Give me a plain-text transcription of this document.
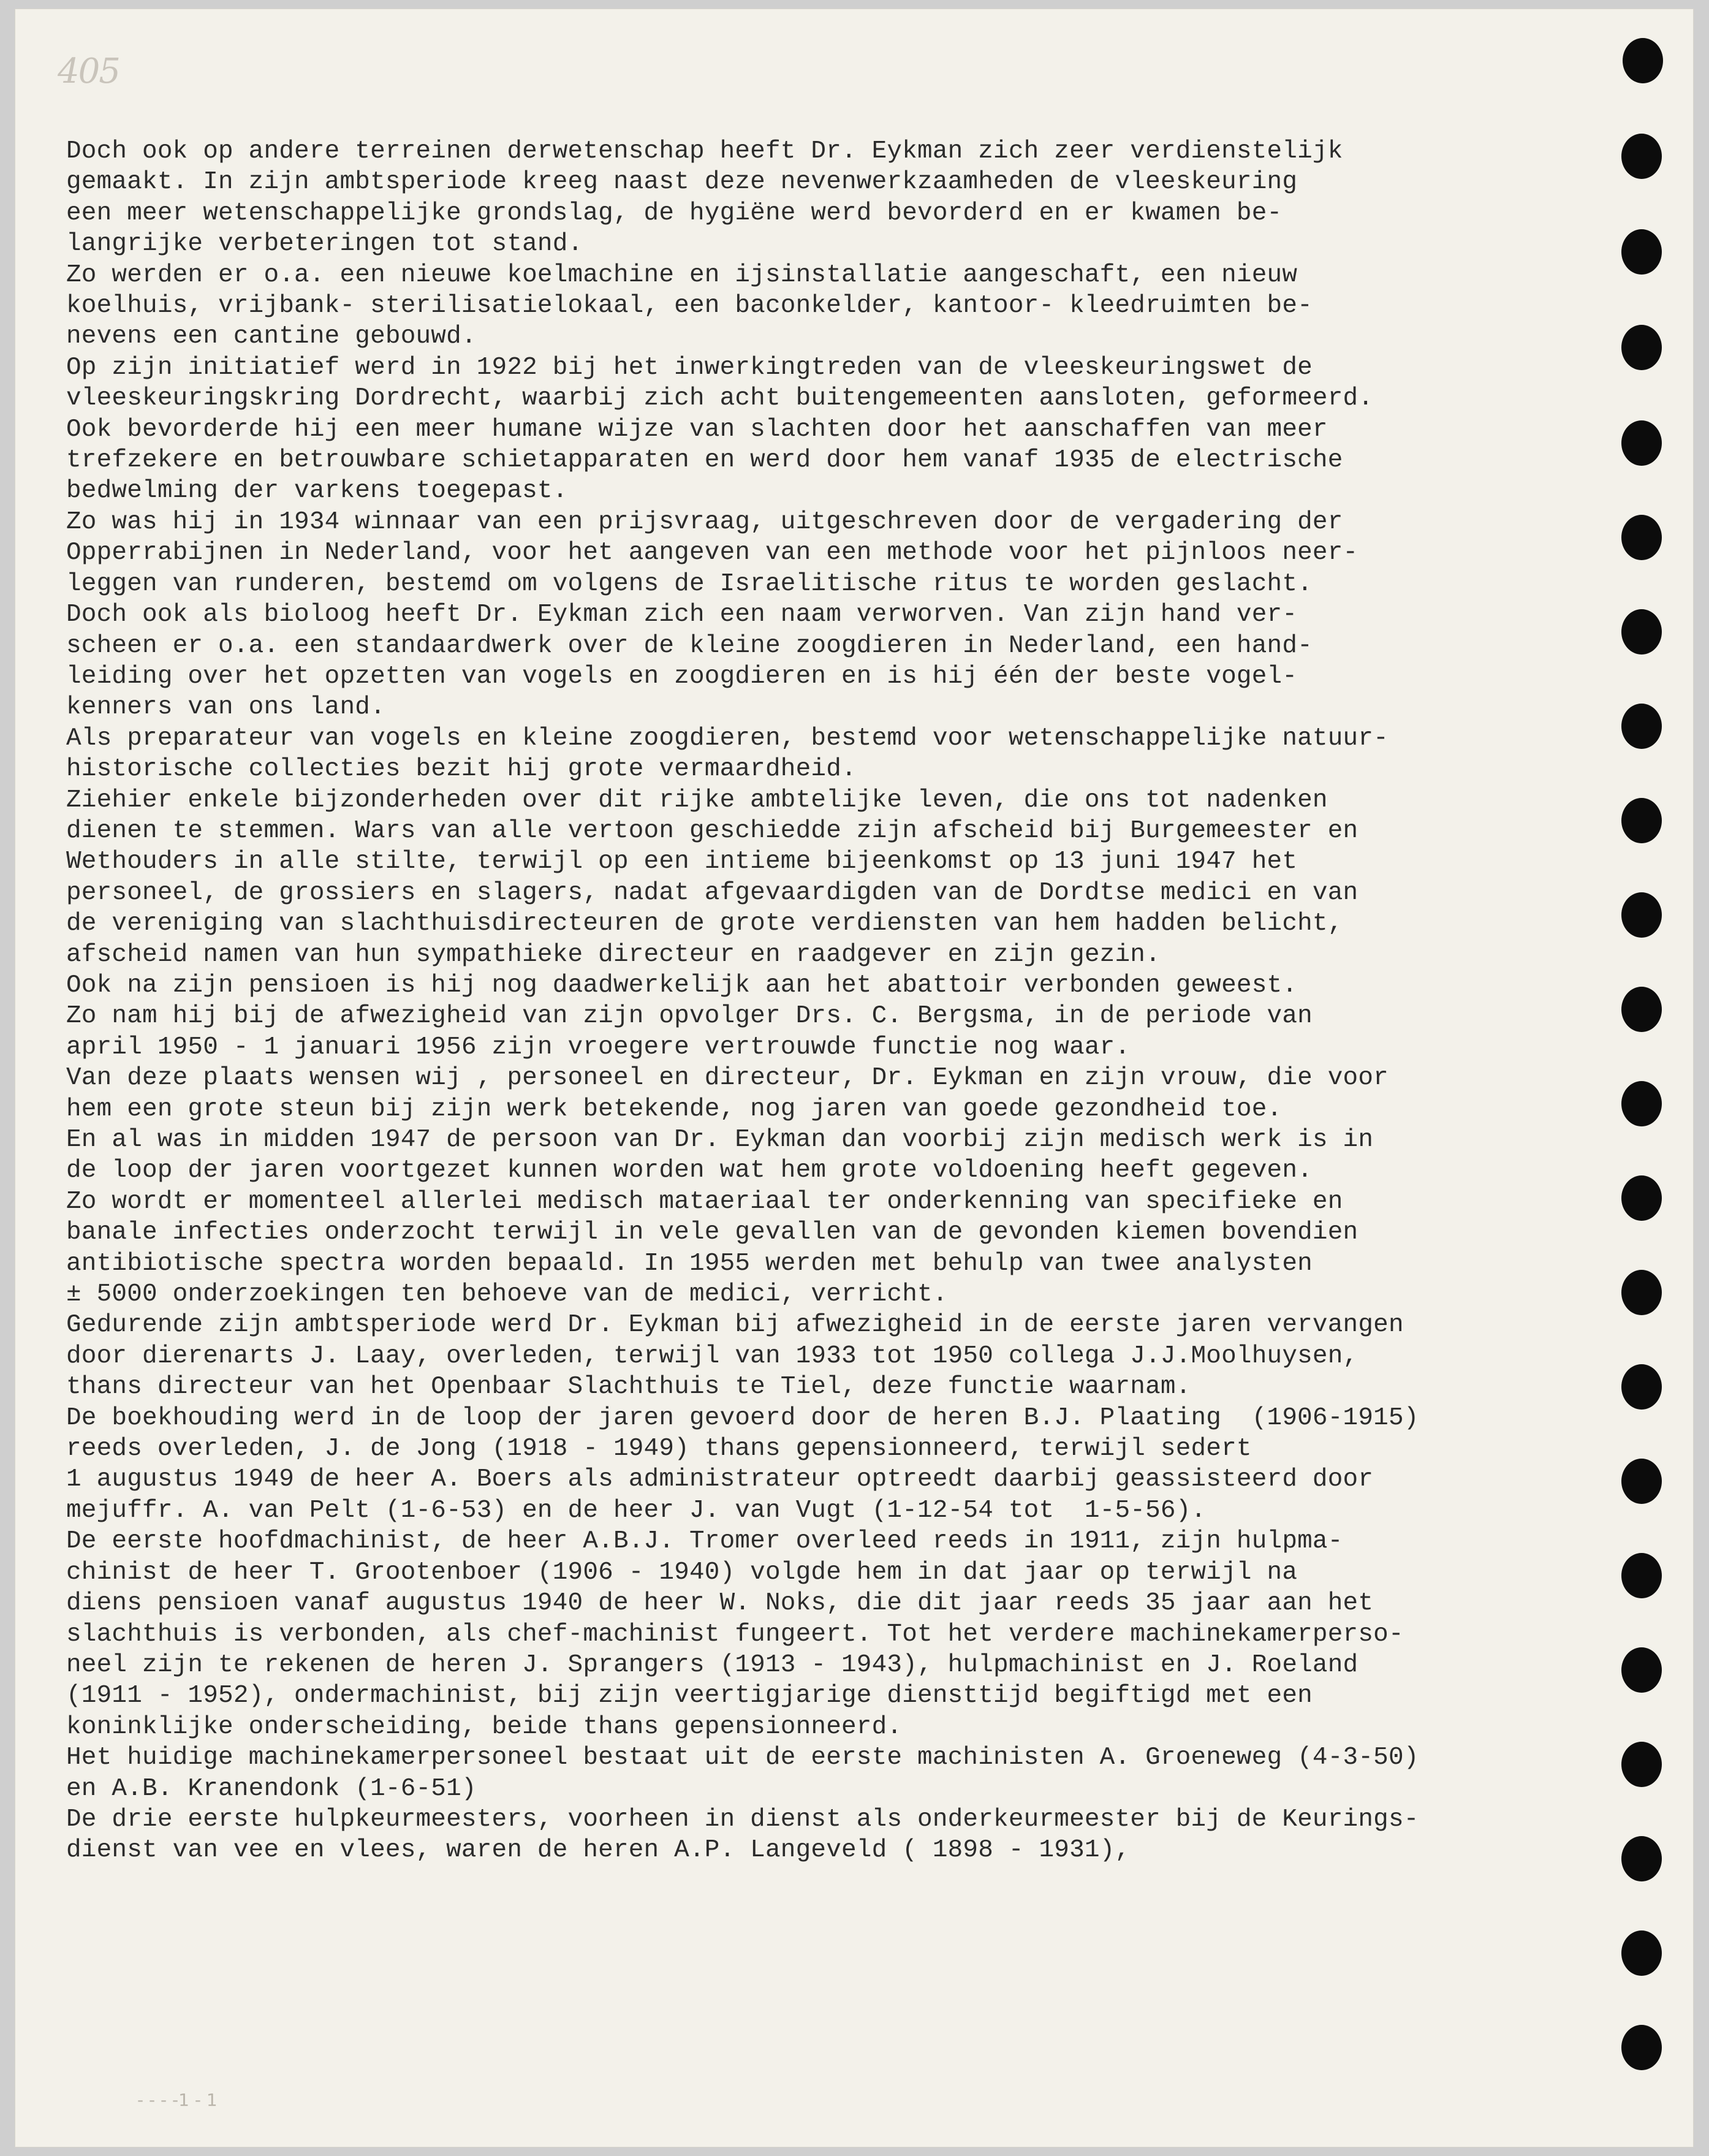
405
Doch ook op andere terreinen derwetenschap heeft Dr. Eykman zich zeer verdienstelijk
gemaakt. In zijn ambtsperiode kreeg naast deze nevenwerkzaamheden de vleeskeuring
een meer wetenschappelijke grondslag, de hygiëne werd bevorderd en er kwamen be-
langrijke verbeteringen tot stand.
Zo werden er o.a. een nieuwe koelmachine en ijsinstallatie aangeschaft, een nieuw
koelhuis, vrijbank- sterilisatielokaal, een baconkelder, kantoor- kleedruimten be-
nevens een cantine gebouwd.
Op zijn initiatief werd in 1922 bij het inwerkingtreden van de vleeskeuringswet de
vleeskeuringskring Dordrecht, waarbij zich acht buitengemeenten aansloten, geformeerd.
Ook bevorderde hij een meer humane wijze van slachten door het aanschaffen van meer
trefzekere en betrouwbare schietapparaten en werd door hem vanaf 1935 de electrische
bedwelming der varkens toegepast.
Zo was hij in 1934 winnaar van een prijsvraag, uitgeschreven door de vergadering der
Opperrabijnen in Nederland, voor het aangeven van een methode voor het pijnloos neer-
leggen van runderen, bestemd om volgens de Israelitische ritus te worden geslacht.
Doch ook als bioloog heeft Dr. Eykman zich een naam verworven. Van zijn hand ver-
scheen er o.a. een standaardwerk over de kleine zoogdieren in Nederland, een hand-
leiding over het opzetten van vogels en zoogdieren en is hij één der beste vogel-
kenners van ons land.
Als preparateur van vogels en kleine zoogdieren, bestemd voor wetenschappelijke natuur-
historische collecties bezit hij grote vermaardheid.
Ziehier enkele bijzonderheden over dit rijke ambtelijke leven, die ons tot nadenken
dienen te stemmen. Wars van alle vertoon geschiedde zijn afscheid bij Burgemeester en
Wethouders in alle stilte, terwijl op een intieme bijeenkomst op 13 juni 1947 het
personeel, de grossiers en slagers, nadat afgevaardigden van de Dordtse medici en van
de vereniging van slachthuisdirecteuren de grote verdiensten van hem hadden belicht,
afscheid namen van hun sympathieke directeur en raadgever en zijn gezin.
Ook na zijn pensioen is hij nog daadwerkelijk aan het abattoir verbonden geweest.
Zo nam hij bij de afwezigheid van zijn opvolger Drs. C. Bergsma, in de periode van
april 1950 - 1 januari 1956 zijn vroegere vertrouwde functie nog waar.
Van deze plaats wensen wij , personeel en directeur, Dr. Eykman en zijn vrouw, die voor
hem een grote steun bij zijn werk betekende, nog jaren van goede gezondheid toe.
En al was in midden 1947 de persoon van Dr. Eykman dan voorbij zijn medisch werk is in
de loop der jaren voortgezet kunnen worden wat hem grote voldoening heeft gegeven.
Zo wordt er momenteel allerlei medisch mataeriaal ter onderkenning van specifieke en
banale infecties onderzocht terwijl in vele gevallen van de gevonden kiemen bovendien
antibiotische spectra worden bepaald. In 1955 werden met behulp van twee analysten
± 5000 onderzoekingen ten behoeve van de medici, verricht.
Gedurende zijn ambtsperiode werd Dr. Eykman bij afwezigheid in de eerste jaren vervangen
door dierenarts J. Laay, overleden, terwijl van 1933 tot 1950 collega J.J.Moolhuysen,
thans directeur van het Openbaar Slachthuis te Tiel, deze functie waarnam.
De boekhouding werd in de loop der jaren gevoerd door de heren B.J. Plaating  (1906-1915)
reeds overleden, J. de Jong (1918 - 1949) thans gepensionneerd, terwijl sedert
1 augustus 1949 de heer A. Boers als administrateur optreedt daarbij geassisteerd door
mejuffr. A. van Pelt (1-6-53) en de heer J. van Vugt (1-12-54 tot  1-5-56).
De eerste hoofdmachinist, de heer A.B.J. Tromer overleed reeds in 1911, zijn hulpma-
chinist de heer T. Grootenboer (1906 - 1940) volgde hem in dat jaar op terwijl na
diens pensioen vanaf augustus 1940 de heer W. Noks, die dit jaar reeds 35 jaar aan het
slachthuis is verbonden, als chef-machinist fungeert. Tot het verdere machinekamerperso-
neel zijn te rekenen de heren J. Sprangers (1913 - 1943), hulpmachinist en J. Roeland
(1911 - 1952), ondermachinist, bij zijn veertigjarige diensttijd begiftigd met een
koninklijke onderscheiding, beide thans gepensionneerd.
Het huidige machinekamerpersoneel bestaat uit de eerste machinisten A. Groeneweg (4-3-50)
en A.B. Kranendonk (1-6-51)
De drie eerste hulpkeurmeesters, voorheen in dienst als onderkeurmeester bij de Keurings-
dienst van vee en vlees, waren de heren A.P. Langeveld ( 1898 - 1931),
- - - -1 - 1
